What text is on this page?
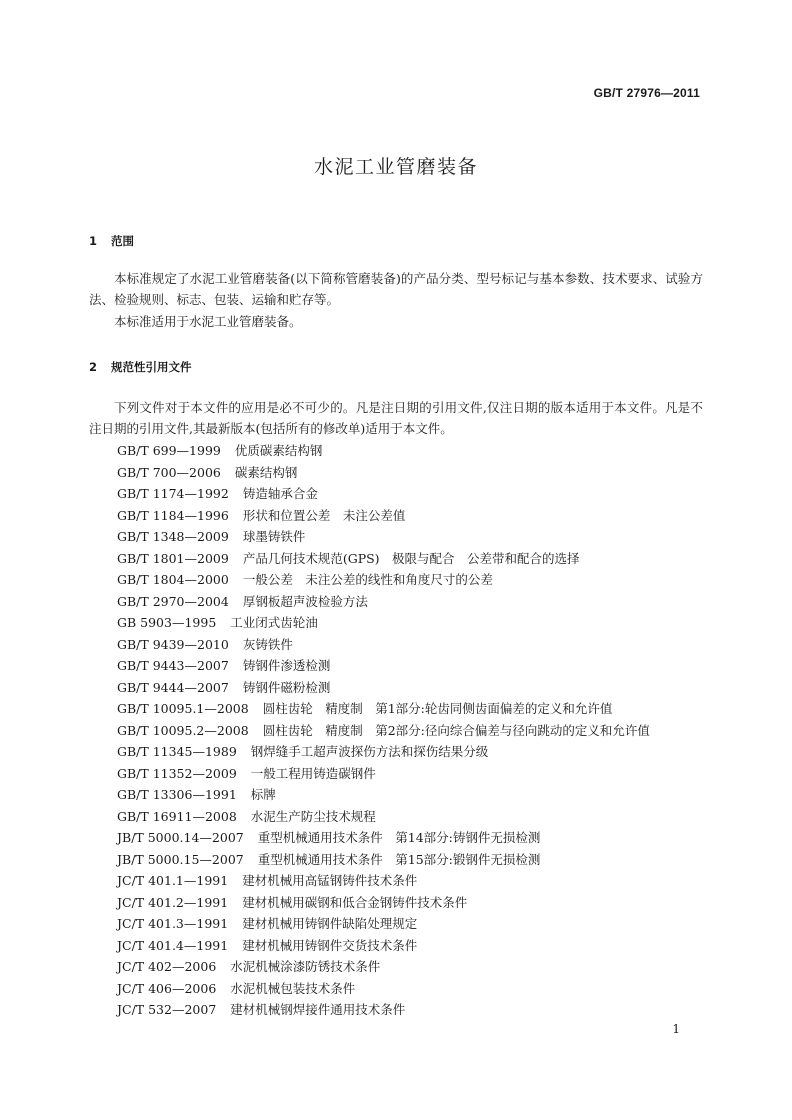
GB/T 27976—2011
水泥工业管磨装备
1 范围

本标准规定了水泥工业管磨装备(以下简称管磨装备)的产品分类、型号标记与基本参数、技术要求、试验方法、检验规则、标志、包装、运输和贮存等。

本标准适用于水泥工业管磨装备。
2 规范性引用文件

下列文件对于本文件的应用是必不可少的。凡是注日期的引用文件,仅注日期的版本适用于本文件。凡是不注日期的引用文件,其最新版本(包括所有的修改单)适用于本文件。

GB/T 699—1999 优质碳素结构钢
GB/T 700—2006 碳素结构钢
GB/T 1174—1992 铸造轴承合金
GB/T 1184—1996 形状和位置公差　未注公差值
GB/T 1348—2009 球墨铸铁件
GB/T 1801—2009 产品几何技术规范(GPS)　极限与配合　公差带和配合的选择
GB/T 1804—2000 一般公差　未注公差的线性和角度尺寸的公差
GB/T 2970—2004 厚钢板超声波检验方法
GB 5903—1995 工业闭式齿轮油
GB/T 9439—2010 灰铸铁件
GB/T 9443—2007 铸钢件渗透检测
GB/T 9444—2007 铸钢件磁粉检测
GB/T 10095.1—2008 圆柱齿轮　精度制　第1部分:轮齿同侧齿面偏差的定义和允许值
GB/T 10095.2—2008 圆柱齿轮　精度制　第2部分:径向综合偏差与径向跳动的定义和允许值
GB/T 11345—1989 钢焊缝手工超声波探伤方法和探伤结果分级
GB/T 11352—2009 一般工程用铸造碳钢件
GB/T 13306—1991 标牌
GB/T 16911—2008 水泥生产防尘技术规程
JB/T 5000.14—2007 重型机械通用技术条件　第14部分:铸钢件无损检测
JB/T 5000.15—2007 重型机械通用技术条件　第15部分:锻钢件无损检测
JC/T 401.1—1991 建材机械用高锰钢铸件技术条件
JC/T 401.2—1991 建材机械用碳钢和低合金钢铸件技术条件
JC/T 401.3—1991 建材机械用铸钢件缺陷处理规定
JC/T 401.4—1991 建材机械用铸钢件交货技术条件
JC/T 402—2006 水泥机械涂漆防锈技术条件
JC/T 406—2006 水泥机械包装技术条件
JC/T 532—2007 建材机械钢焊接件通用技术条件
1
